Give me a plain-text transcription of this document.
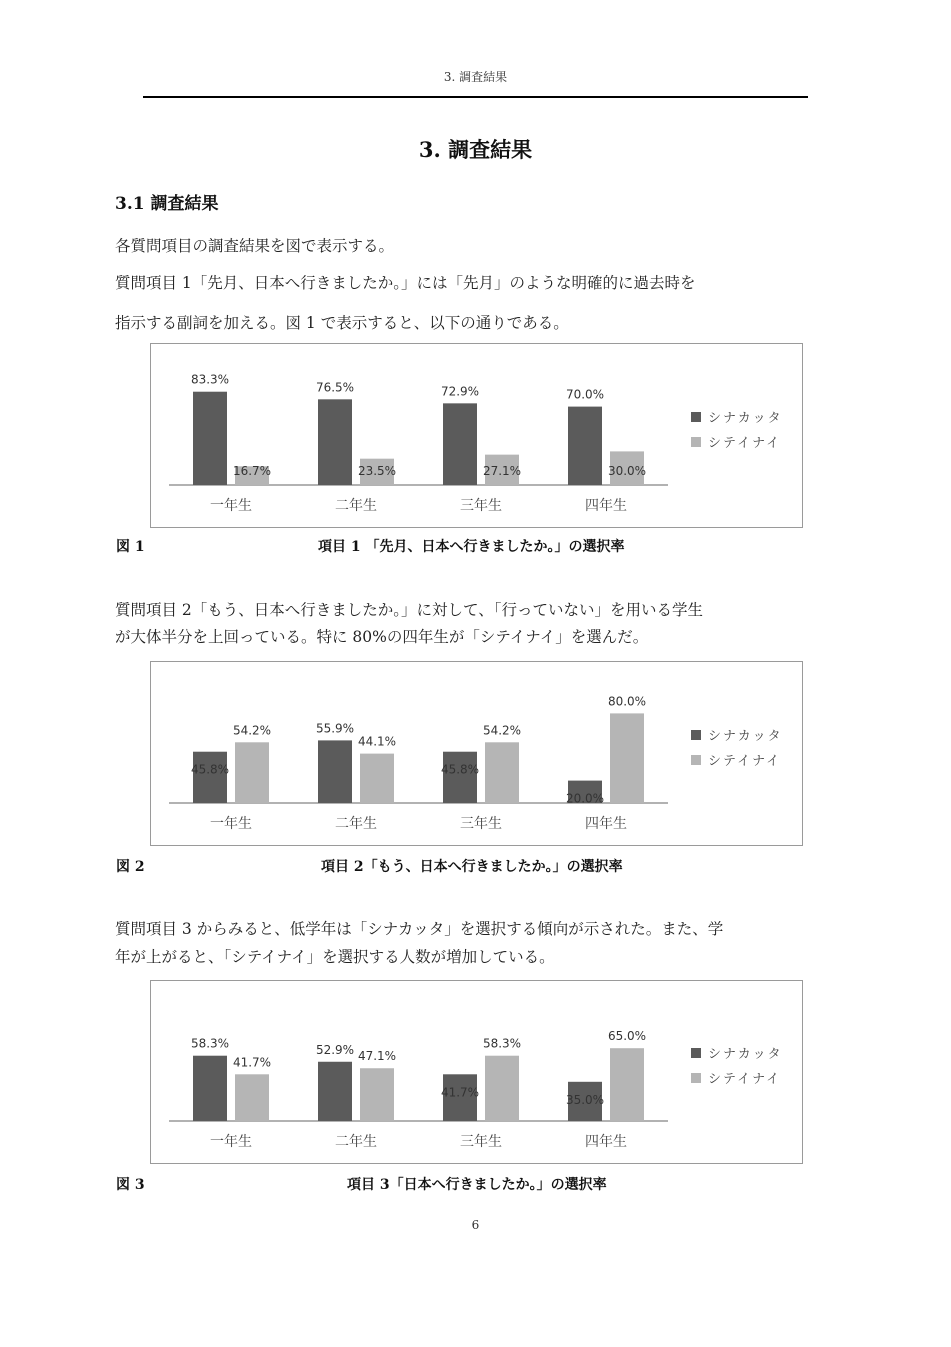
3. 調査結果
3. 調査結果
3.1 調査結果
各質問項目の調査結果を図で表示する。
質問項目 1「先月、日本へ行きましたか。」には「先月」のような明確的に過去時を
指示する副詞を加える。図 1 で表示すると、以下の通りである。
83.3%
16.7%
一年生
76.5%
23.5%
二年生
72.9%
27.1%
三年生
70.0%
30.0%
四年生
シナカッタ
シテイナイ
図 1	項目 1 「先月、日本へ行きましたか。」の選択率
質問項目 2「もう、日本へ行きましたか。」に対して、「行っていない」を用いる学生
が大体半分を上回っている。特に 80%の四年生が「シテイナイ」を選んだ。
45.8%
54.2%
一年生
55.9%
44.1%
二年生
45.8%
54.2%
三年生
20.0%
80.0%
四年生
シナカッタ
シテイナイ
図 2	項目 2「もう、日本へ行きましたか。」の選択率
質問項目 3 からみると、低学年は「シナカッタ」を選択する傾向が示された。また、学
年が上がると、「シテイナイ」を選択する人数が増加している。
58.3%
41.7%
一年生
52.9% 47.1%
二年生
41.7%
58.3%
三年生
35.0%
65.0%
四年生
シナカッタ
シテイナイ
図 3	項目 3「日本へ行きましたか。」の選択率
6
